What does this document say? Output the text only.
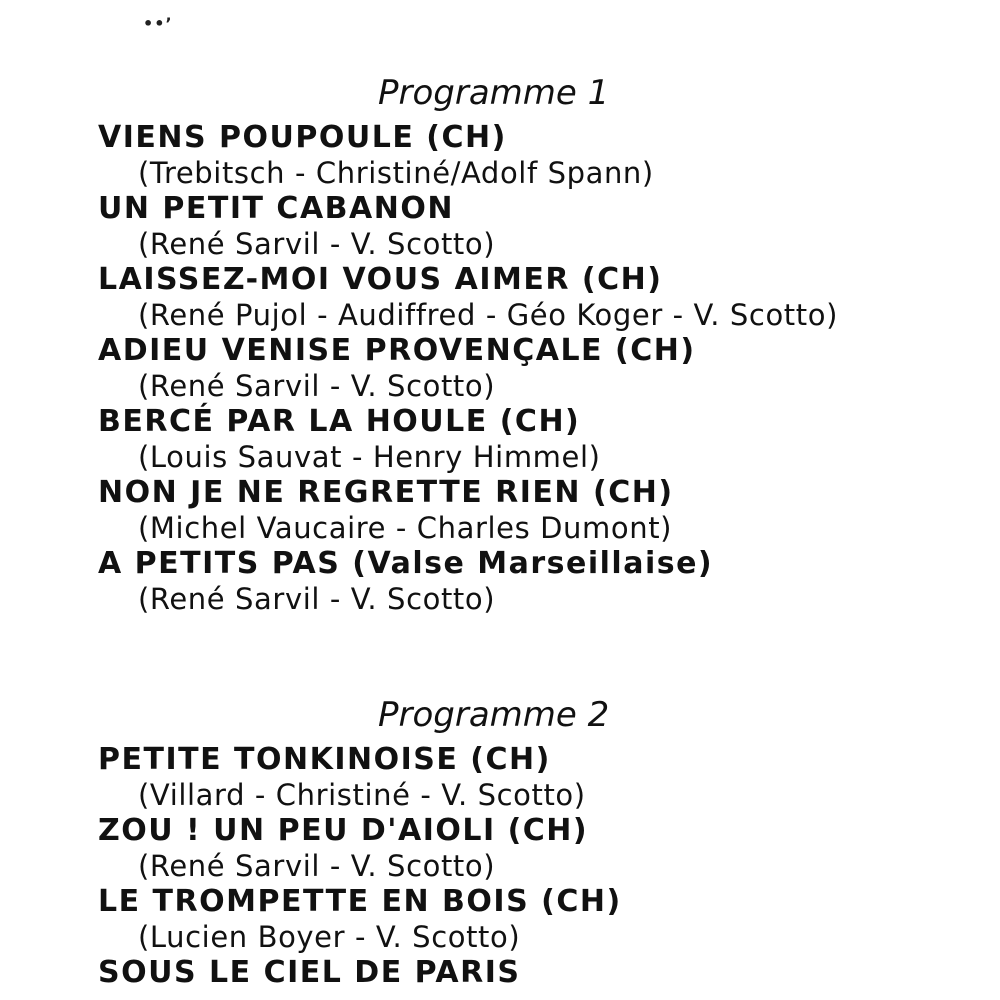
••’
Programme 1
VIENS POUPOULE (CH)
(Trebitsch - Christiné/Adolf Spann)
UN PETIT CABANON
(René Sarvil - V. Scotto)
LAISSEZ-MOI VOUS AIMER (CH)
(René Pujol - Audiffred - Géo Koger - V. Scotto)
ADIEU VENISE PROVENÇALE (CH)
(René Sarvil - V. Scotto)
BERCÉ PAR LA HOULE (CH)
(Louis Sauvat - Henry Himmel)
NON JE NE REGRETTE RIEN (CH)
(Michel Vaucaire - Charles Dumont)
A PETITS PAS (Valse Marseillaise)
(René Sarvil - V. Scotto)
Programme 2
PETITE TONKINOISE (CH)
(Villard - Christiné - V. Scotto)
ZOU ! UN PEU D'AIOLI (CH)
(René Sarvil - V. Scotto)
LE TROMPETTE EN BOIS (CH)
(Lucien Boyer - V. Scotto)
SOUS LE CIEL DE PARIS
